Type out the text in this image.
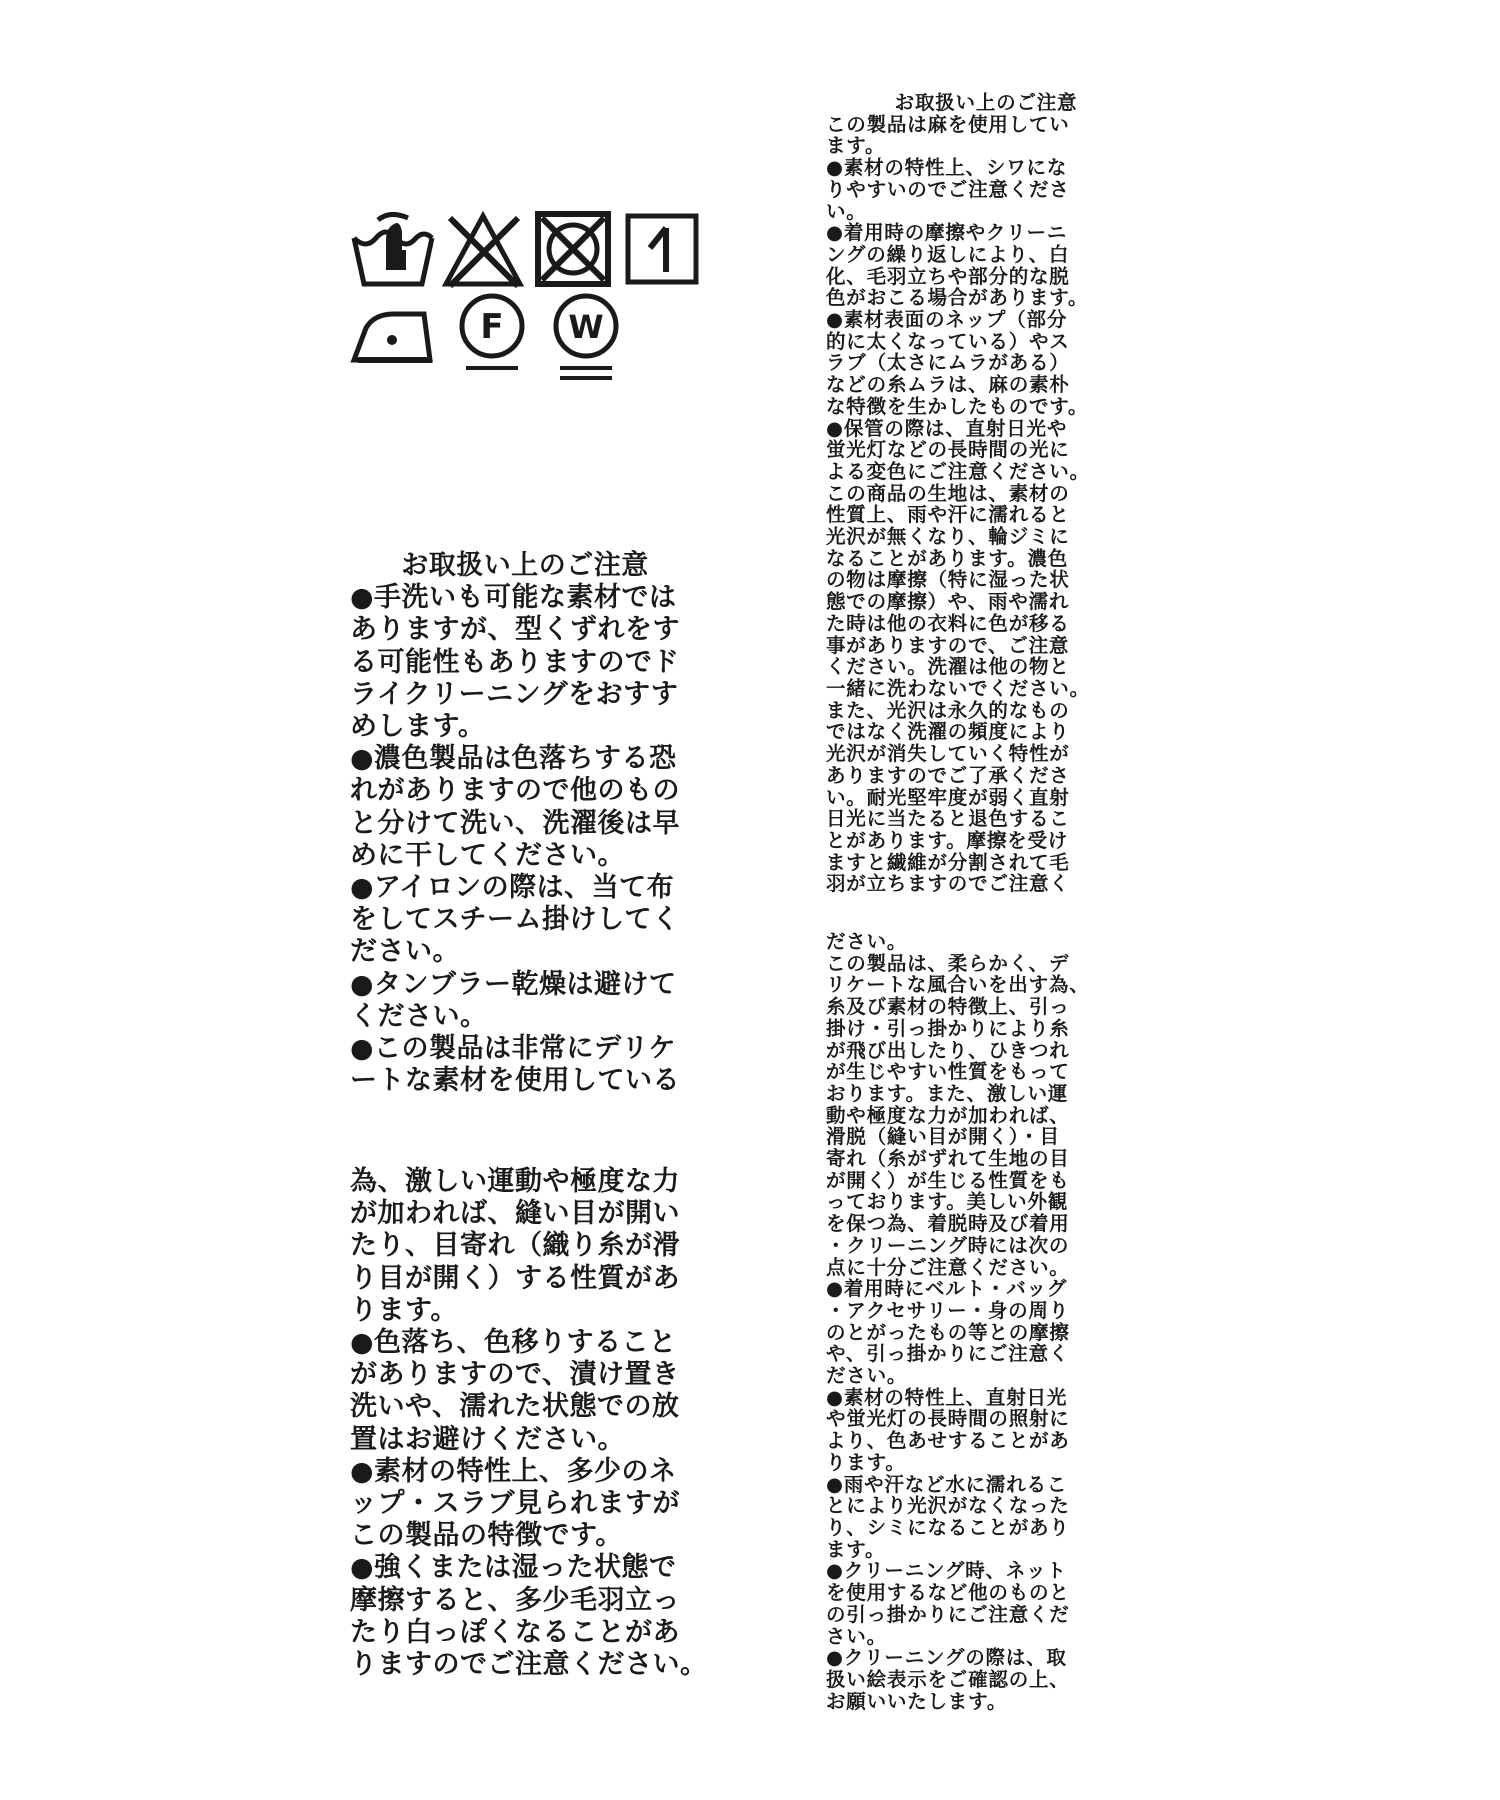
F W
お取扱い上のご注意
●手洗いも可能な素材では
ありますが、型くずれをす
る可能性もありますのでド
ライクリーニングをおすす
めします。
●濃色製品は色落ちする恐
れがありますので他のもの
と分けて洗い、洗濯後は早
めに干してください。
●アイロンの際は、当て布
をしてスチーム掛けしてく
ださい。
●タンブラー乾燥は避けて
ください。
●この製品は非常にデリケ
ートな素材を使用している
為、激しい運動や極度な力
が加われば、縫い目が開い
たり、目寄れ（織り糸が滑
り目が開く）する性質があ
ります。
●色落ち、色移りすること
がありますので、漬け置き
洗いや、濡れた状態での放
置はお避けください。
●素材の特性上、多少のネ
ップ・スラブ見られますが
この製品の特徴です。
●強くまたは湿った状態で
摩擦すると、多少毛羽立っ
たり白っぽくなることがあ
りますのでご注意ください。
お取扱い上のご注意
この製品は麻を使用してい
ます。
●素材の特性上、シワにな
りやすいのでご注意くださ
い。
●着用時の摩擦やクリーニ
ングの繰り返しにより、白
化、毛羽立ちや部分的な脱
色がおこる場合があります。
●素材表面のネップ（部分
的に太くなっている）やス
ラブ（太さにムラがある）
などの糸ムラは、麻の素朴
な特徴を生かしたものです。
●保管の際は、直射日光や
蛍光灯などの長時間の光に
よる変色にご注意ください。
この商品の生地は、素材の
性質上、雨や汗に濡れると
光沢が無くなり、輪ジミに
なることがあります。濃色
の物は摩擦（特に湿った状
態での摩擦）や、雨や濡れ
た時は他の衣料に色が移る
事がありますので、ご注意
ください。洗濯は他の物と
一緒に洗わないでください。
また、光沢は永久的なもの
ではなく洗濯の頻度により
光沢が消失していく特性が
ありますのでご了承くださ
い。耐光堅牢度が弱く直射
日光に当たると退色するこ
とがあります。摩擦を受け
ますと繊維が分割されて毛
羽が立ちますのでご注意く
ださい。
この製品は、柔らかく、デ
リケートな風合いを出す為、
糸及び素材の特徴上、引っ
掛け・引っ掛かりにより糸
が飛び出したり、ひきつれ
が生じやすい性質をもって
おります。また、激しい運
動や極度な力が加われば、
滑脱（縫い目が開く）・目
寄れ（糸がずれて生地の目
が開く）が生じる性質をも
っております。美しい外観
を保つ為、着脱時及び着用
・クリーニング時には次の
点に十分ご注意ください。
●着用時にベルト・バッグ
・アクセサリー・身の周り
のとがったもの等との摩擦
や、引っ掛かりにご注意く
ださい。
●素材の特性上、直射日光
や蛍光灯の長時間の照射に
より、色あせすることがあ
ります。
●雨や汗など水に濡れるこ
とにより光沢がなくなった
り、シミになることがあり
ます。
●クリーニング時、ネット
を使用するなど他のものと
の引っ掛かりにご注意くだ
さい。
●クリーニングの際は、取
扱い絵表示をご確認の上、
お願いいたします。
